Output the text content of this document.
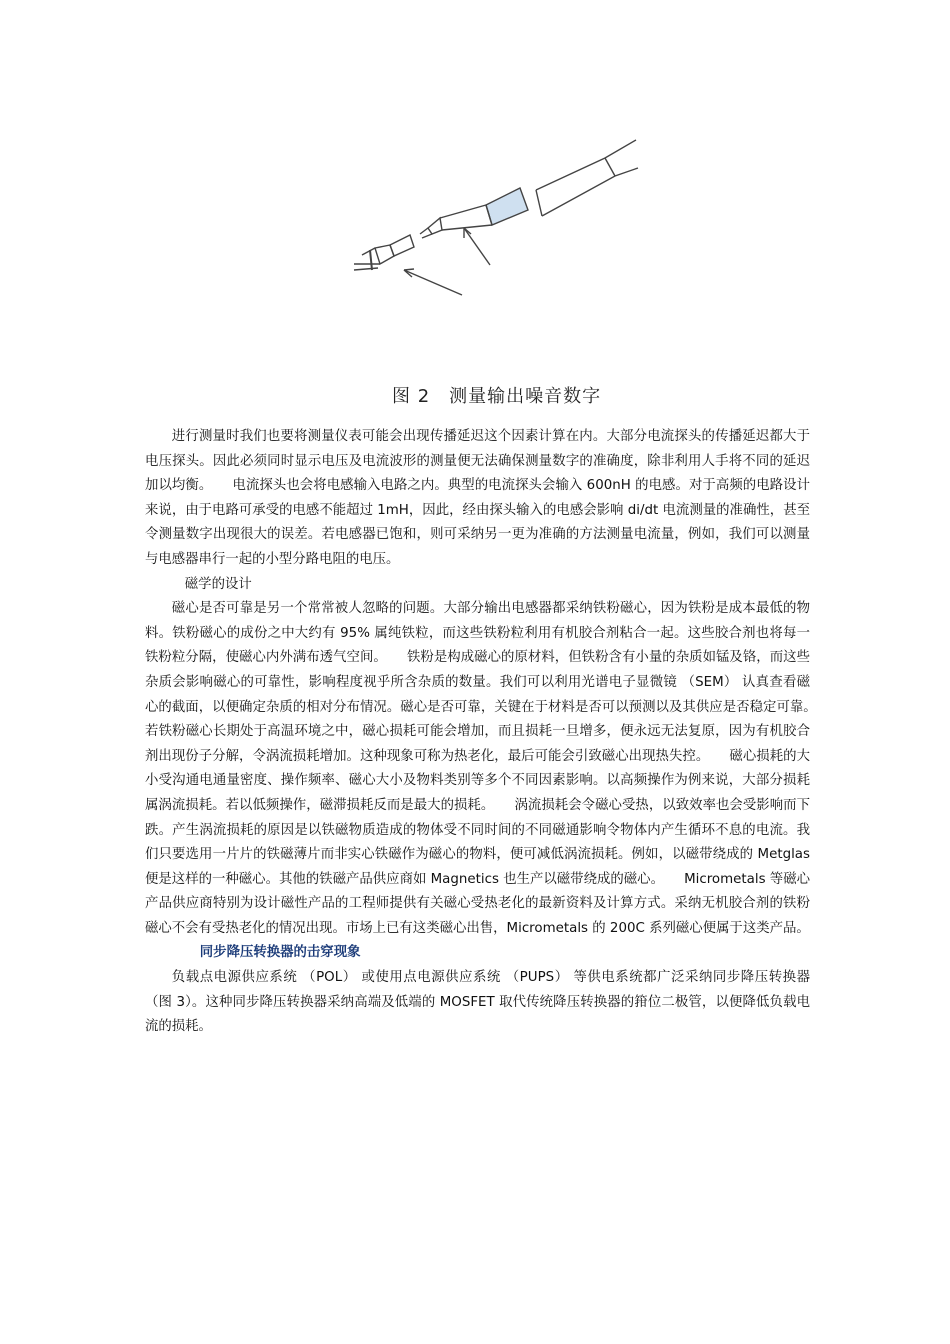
图 2　测量输出噪音数字

进行测量时我们也要将测量仪表可能会出现传播延迟这个因素计算在内。大部分电流探头的传播延迟都大于电压探头。因此必须同时显示电压及电流波形的测量便无法确保测量数字的准确度，除非利用人手将不同的延迟加以均衡。　　电流探头也会将电感输入电路之内。典型的电流探头会输入 600nH 的电感。对于高频的电路设计来说，由于电路可承受的电感不能超过 1mH，因此，经由探头输入的电感会影响 di/dt 电流测量的准确性，甚至令测量数字出现很大的误差。若电感器已饱和，则可采纳另一更为准确的方法测量电流量，例如，我们可以测量与电感器串行一起的小型分路电阻的电压。

磁学的设计

磁心是否可靠是另一个常常被人忽略的问题。大部分输出电感器都采纳铁粉磁心，因为铁粉是成本最低的物料。铁粉磁心的成份之中大约有 95% 属纯铁粒，而这些铁粉粒利用有机胶合剂粘合一起。这些胶合剂也将每一铁粉粒分隔，使磁心内外满布透气空间。　　铁粉是构成磁心的原材料，但铁粉含有小量的杂质如锰及铬，而这些杂质会影响磁心的可靠性，影响程度视乎所含杂质的数量。我们可以利用光谱电子显微镜 （SEM） 认真查看磁心的截面，以便确定杂质的相对分布情况。磁心是否可靠，关键在于材料是否可以预测以及其供应是否稳定可靠。　　若铁粉磁心长期处于高温环境之中，磁心损耗可能会增加，而且损耗一旦增多，便永远无法复原，因为有机胶合剂出现份子分解，令涡流损耗增加。这种现象可称为热老化，最后可能会引致磁心出现热失控。　　磁心损耗的大小受沟通电通量密度、操作频率、磁心大小及物料类别等多个不同因素影响。以高频操作为例来说，大部分损耗属涡流损耗。若以低频操作，磁滞损耗反而是最大的损耗。　　涡流损耗会令磁心受热，以致效率也会受影响而下跌。产生涡流损耗的原因是以铁磁物质造成的物体受不同时间的不同磁通影响令物体内产生循环不息的电流。我们只要选用一片片的铁磁薄片而非实心铁磁作为磁心的物料，便可减低涡流损耗。例如，以磁带绕成的 Metglas 便是这样的一种磁心。其他的铁磁产品供应商如 Magnetics 也生产以磁带绕成的磁心。　　Micrometals 等磁心产品供应商特别为设计磁性产品的工程师提供有关磁心受热老化的最新资料及计算方式。采纳无机胶合剂的铁粉磁心不会有受热老化的情况出现。市场上已有这类磁心出售，Micrometals 的 200C 系列磁心便属于这类产品。

同步降压转换器的击穿现象

负载点电源供应系统 （POL） 或使用点电源供应系统 （PUPS） 等供电系统都广泛采纳同步降压转换器 （图 3）。这种同步降压转换器采纳高端及低端的 MOSFET 取代传统降压转换器的箝位二极管，以便降低负载电流的损耗。
